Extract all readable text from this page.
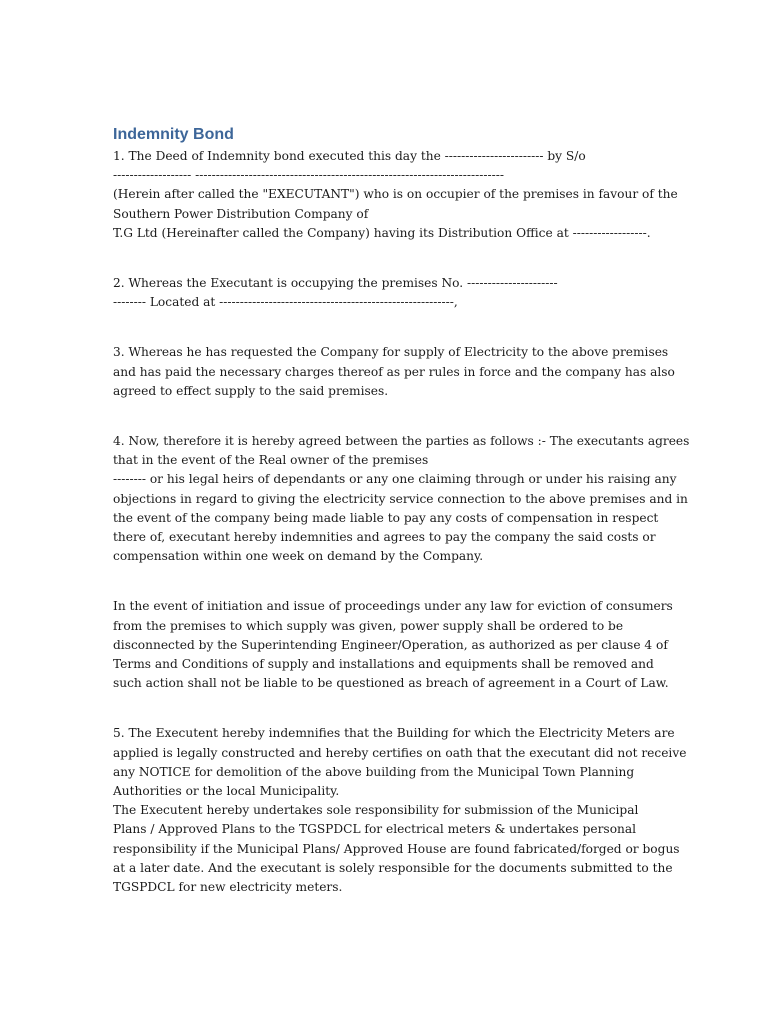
Indemnity Bond
1. The Deed of Indemnity bond executed this day the ------------------------ by S/o
------------------- ---------------------------------------------------------------------------
(Herein after called the "EXECUTANT") who is on occupier of the premises in favour of the
Southern Power Distribution Company of
T.G Ltd (Hereinafter called the Company) having its Distribution Office at ------------------.
2. Whereas the Executant is occupying the premises No. ----------------------
-------- Located at ---------------------------------------------------------,
3. Whereas he has requested the Company for supply of Electricity to the above premises
and has paid the necessary charges thereof as per rules in force and the company has also
agreed to effect supply to the said premises.
4. Now, therefore it is hereby agreed between the parties as follows :- The executants agrees
that in the event of the Real owner of the premises
-------- or his legal heirs of dependants or any one claiming through or under his raising any
objections in regard to giving the electricity service connection to the above premises and in
the event of the company being made liable to pay any costs of compensation in respect
there of, executant hereby indemnities and agrees to pay the company the said costs or
compensation within one week on demand by the Company.
In the event of initiation and issue of proceedings under any law for eviction of consumers
from the premises to which supply was given, power supply shall be ordered to be
disconnected by the Superintending Engineer/Operation, as authorized as per clause 4 of
Terms and Conditions of supply and installations and equipments shall be removed and
such action shall not be liable to be questioned as breach of agreement in a Court of Law.
5. The Executent hereby indemnifies that the Building for which the Electricity Meters are
applied is legally constructed and hereby certifies on oath that the executant did not receive
any NOTICE for demolition of the above building from the Municipal Town Planning
Authorities or the local Municipality.
The Executent hereby undertakes sole responsibility for submission of the Municipal
Plans / Approved Plans to the TGSPDCL for electrical meters & undertakes personal
responsibility if the Municipal Plans/ Approved House are found fabricated/forged or bogus
at a later date. And the executant is solely responsible for the documents submitted to the
TGSPDCL for new electricity meters.
